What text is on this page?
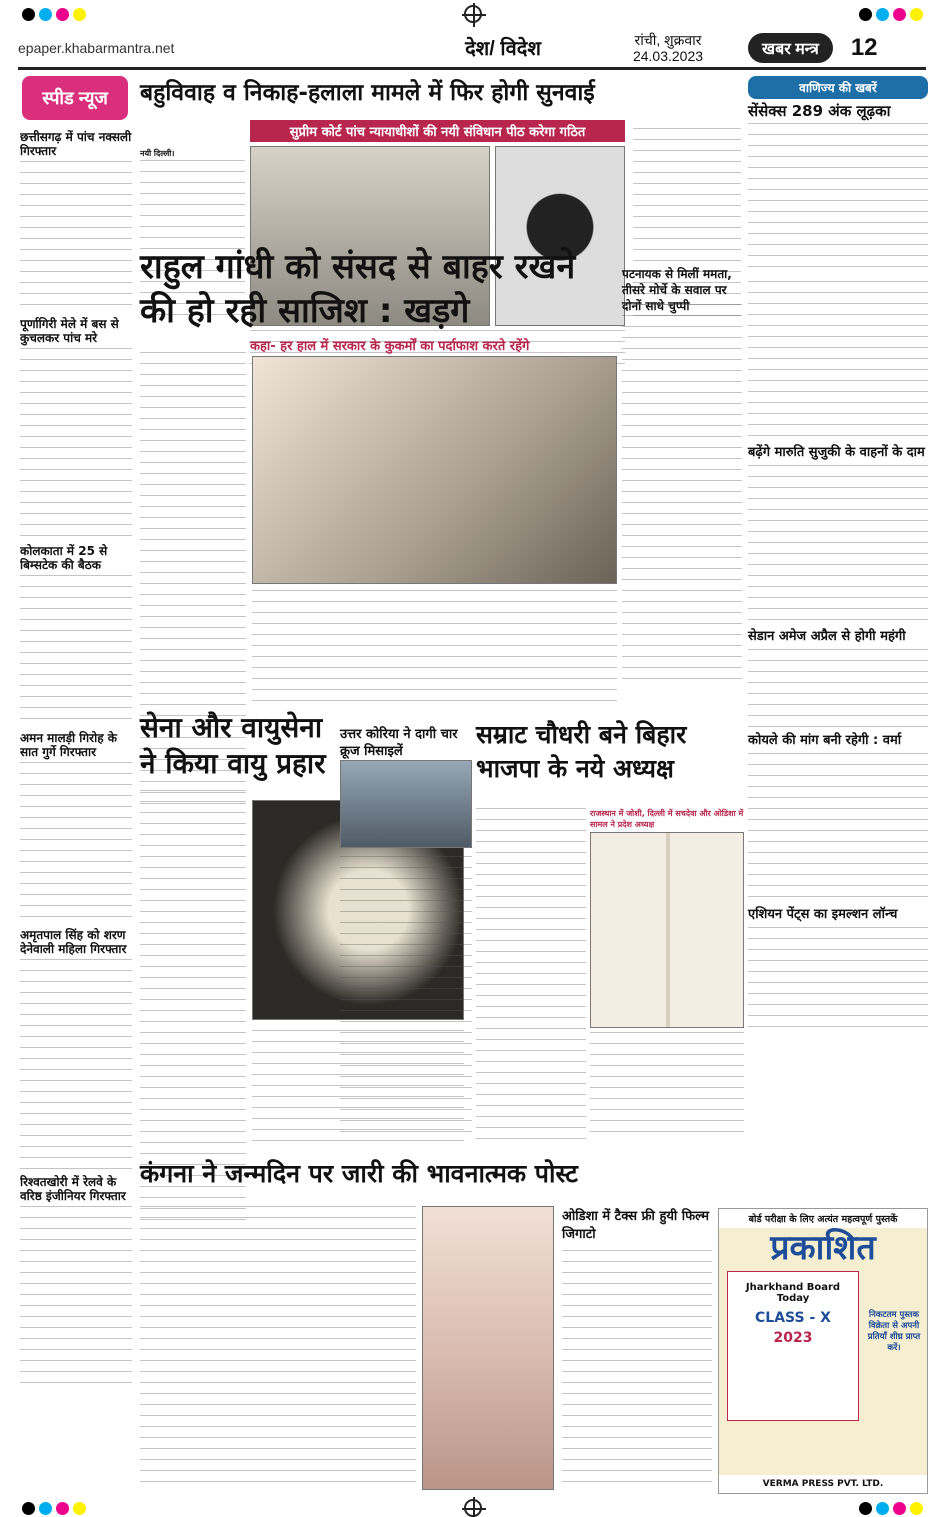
epaper.khabarmantra.net	देश/ विदेश	रांची, शुक्रवार
24.03.2023	खबर मन्त्र	12
स्पीड न्यूज
छत्तीसगढ़ में पांच नक्सली गिरफ्तार
पूर्णागिरी मेले में बस से कुचलकर पांच मरे
कोलकाता में 25 से बिम्सटेक की बैठक
अमन मालड़ी गिरोह के सात गुर्गे गिरफ्तार
अमृतपाल सिंह को शरण देनेवाली महिला गिरफ्तार
रिश्वतखोरी में रेलवे के वरिष्ठ इंजीनियर गिरफ्तार
बहुविवाह व निकाह-हलाला मामले में फिर होगी सुनवाई
सुप्रीम कोर्ट पांच न्यायाधीशों की नयी संविधान पीठ करेगा गठित
नयी दिल्ली।
राहुल गांधी को संसद से बाहर रखने की हो रही साजिश : खड़गे
कहा- हर हाल में सरकार के कुकर्मों का पर्दाफाश करते रहेंगे
पटनायक से मिलीं ममता, तीसरे मोर्चे के सवाल पर दोनों साधे चुप्पी
सेना और वायुसेना ने किया वायु प्रहार
उत्तर कोरिया ने दागी चार क्रूज मिसाइलें
सम्राट चौधरी बने बिहार भाजपा के नये अध्यक्ष
राजस्थान में जोशी, दिल्ली में सचदेवा और ओडिशा में सामल ने प्रदेश अध्यक्ष
कंगना ने जन्मदिन पर जारी की भावनात्मक पोस्ट
ओडिशा में टैक्स फ्री हुयी फिल्म जिगाटो
वाणिज्य की खबरें
सेंसेक्स 289 अंक लूढ़का
बढ़ेंगे मारुति सुजुकी के वाहनों के दाम
सेडान अमेज अप्रैल से होगी महंगी
कोयले की मांग बनी रहेगी : वर्मा
एशियन पेंट्स का इमल्शन लॉन्च
बोर्ड परीक्षा के लिए अत्यंत महत्वपूर्ण पुस्तकें
प्रकाशित
Jharkhand Board Today
CLASS - X
2023
निकटतम पुस्तक विक्रेता से अपनी प्रतियाँ शीघ्र प्राप्त करें।
VERMA PRESS PVT. LTD.
